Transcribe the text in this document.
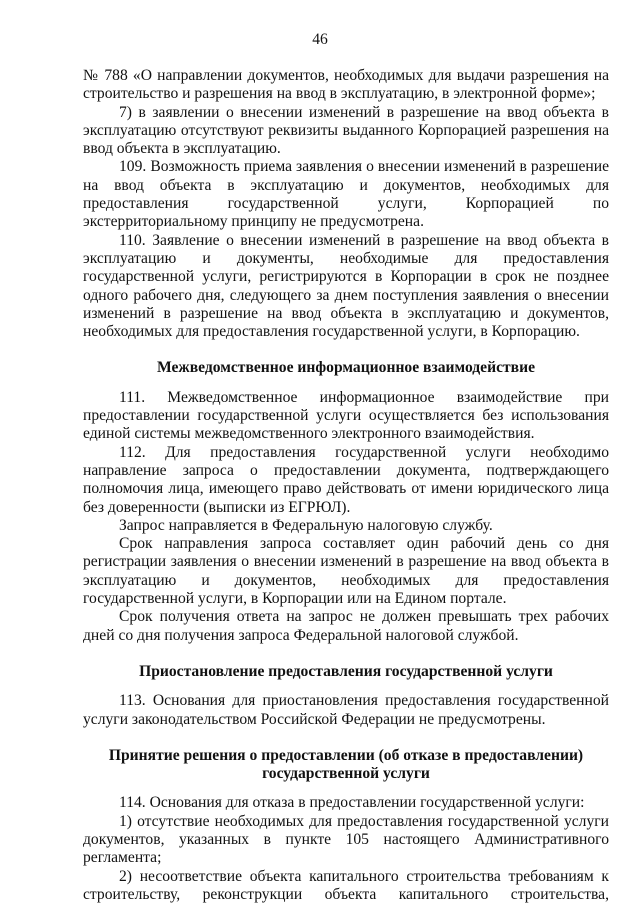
46

№ 788 «О направлении документов, необходимых для выдачи разрешения на строительство и разрешения на ввод в эксплуатацию, в электронной форме»;

7) в заявлении о внесении изменений в разрешение на ввод объекта в эксплуатацию отсутствуют реквизиты выданного Корпорацией разрешения на ввод объекта в эксплуатацию.

109. Возможность приема заявления о внесении изменений в разрешение на ввод объекта в эксплуатацию и документов, необходимых для предоставления государственной услуги, Корпорацией по экстерриториальному принципу не предусмотрена.

110. Заявление о внесении изменений в разрешение на ввод объекта в эксплуатацию и документы, необходимые для предоставления государственной услуги, регистрируются в Корпорации в срок не позднее одного рабочего дня, следующего за днем поступления заявления о внесении изменений в разрешение на ввод объекта в эксплуатацию и документов, необходимых для предоставления государственной услуги, в Корпорацию.

Межведомственное информационное взаимодействие

111. Межведомственное информационное взаимодействие при предоставлении государственной услуги осуществляется без использования единой системы межведомственного электронного взаимодействия.

112. Для предоставления государственной услуги необходимо направление запроса о предоставлении документа, подтверждающего полномочия лица, имеющего право действовать от имени юридического лица без доверенности (выписки из ЕГРЮЛ).

Запрос направляется в Федеральную налоговую службу.

Срок направления запроса составляет один рабочий день со дня регистрации заявления о внесении изменений в разрешение на ввод объекта в эксплуатацию и документов, необходимых для предоставления государственной услуги, в Корпорации или на Едином портале.

Срок получения ответа на запрос не должен превышать трех рабочих дней со дня получения запроса Федеральной налоговой службой.

Приостановление предоставления государственной услуги

113. Основания для приостановления предоставления государственной услуги законодательством Российской Федерации не предусмотрены.

Принятие решения о предоставлении (об отказе в предоставлении) государственной услуги

114. Основания для отказа в предоставлении государственной услуги:

1) отсутствие необходимых для предоставления государственной услуги документов, указанных в пункте 105 настоящего Административного регламента;

2) несоответствие объекта капитального строительства требованиям к строительству, реконструкции объекта капитального строительства,
